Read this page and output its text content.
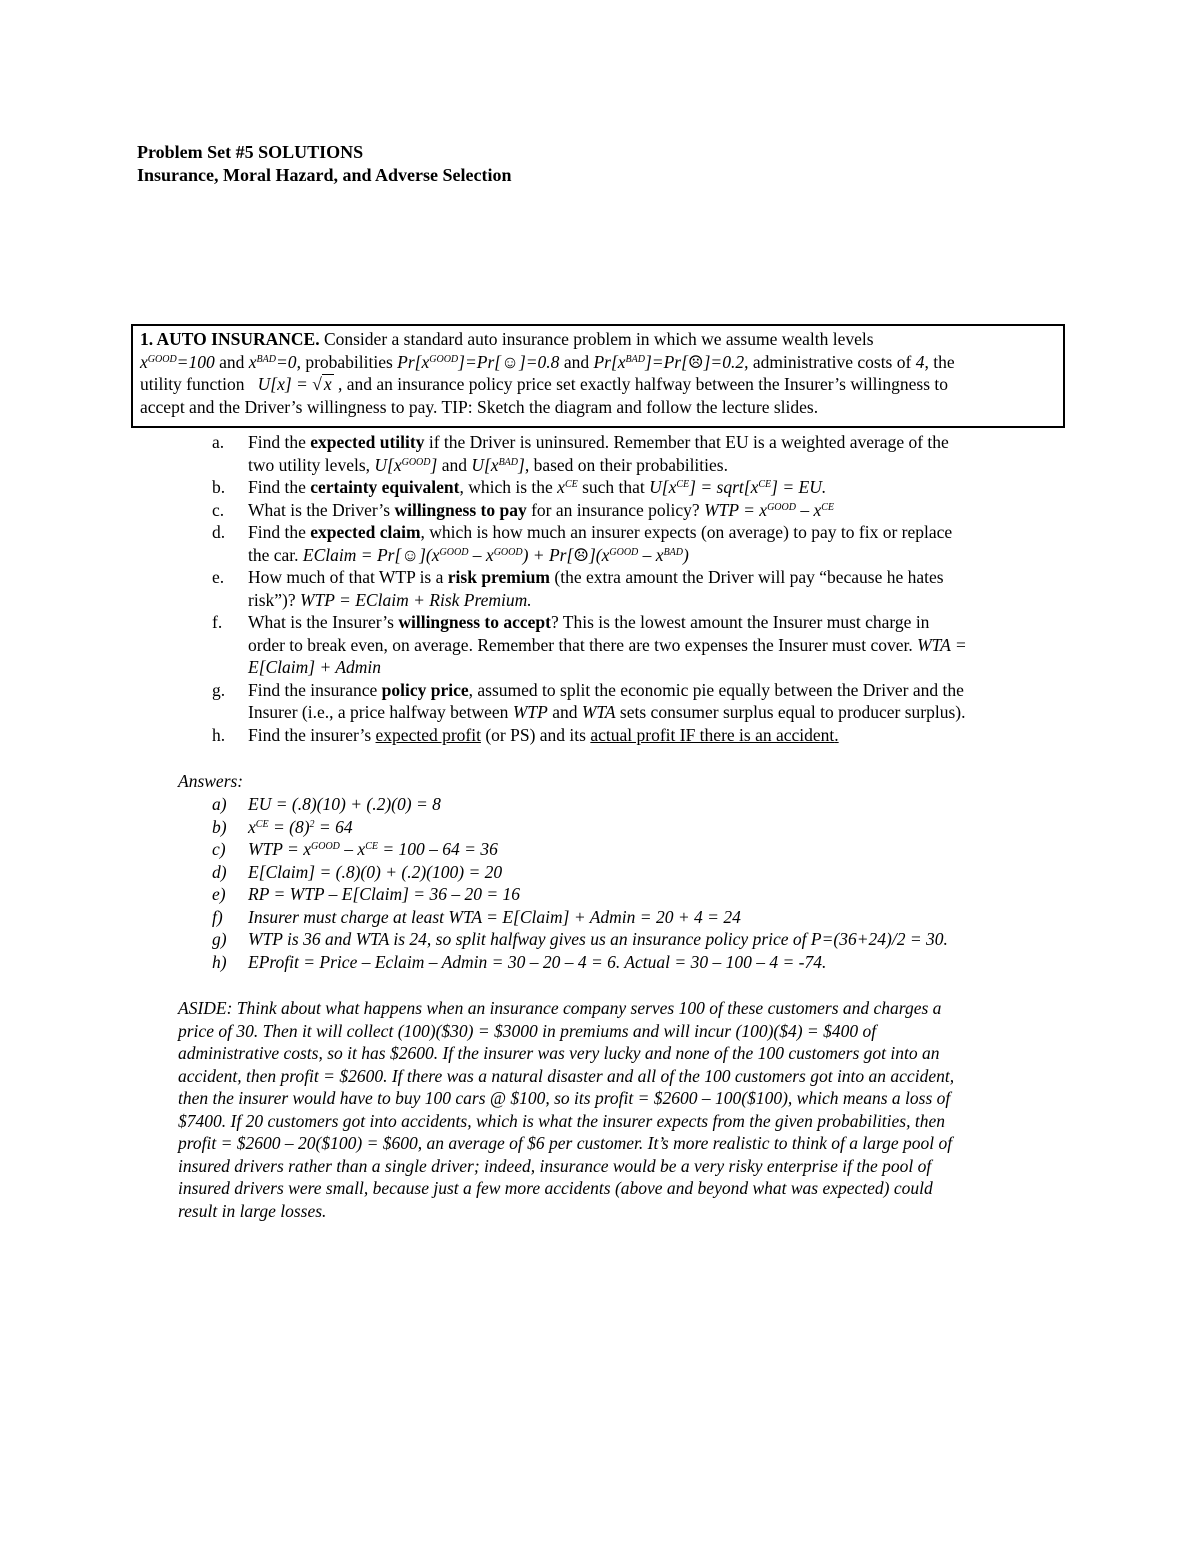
Problem Set #5 SOLUTIONS
Insurance, Moral Hazard, and Adverse Selection

1. AUTO INSURANCE. Consider a standard auto insurance problem in which we assume wealth levels

$x^{GOOD}=100$ and $x^{BAD}=0$, probabilities $Pr[x^{GOOD}]=Pr[☺]=0.8$ and $Pr[x^{BAD}]=Pr[☹]=0.2$, administrative costs of 4, the

utility function   U[x] = √ x , and an insurance policy price set exactly halfway between the Insurer’s willingness to

accept and the Driver’s willingness to pay. TIP: Sketch the diagram and follow the lecture slides.

a. Find the expected utility if the Driver is uninsured. Remember that EU is a weighted average of the
two utility levels, $U[x^{GOOD}]$ and $U[x^{BAD}]$, based on their probabilities.
b. Find the certainty equivalent, which is the $x^{CE}$ such that $U[x^{CE}]$ = $sqrt[x^{CE}]$ = EU.
c. What is the Driver’s willingness to pay for an insurance policy? WTP = $x^{GOOD} - x^{CE}$
d. Find the expected claim, which is how much an insurer expects (on average) to pay to fix or replace
the car. EClaim = $Pr[☺](x^{GOOD} - x^{GOOD})$ + $Pr[☹](x^{GOOD} - x^{BAD})$
e. How much of that WTP is a risk premium (the extra amount the Driver will pay “because he hates
risk”)? WTP = EClaim + Risk Premium.
f. What is the Insurer’s willingness to accept? This is the lowest amount the Insurer must charge in
order to break even, on average. Remember that there are two expenses the Insurer must cover. WTA =
E[Claim] + Admin
g. Find the insurance policy price, assumed to split the economic pie equally between the Driver and the
Insurer (i.e., a price halfway between WTP and WTA sets consumer surplus equal to producer surplus).
h. Find the insurer’s expected profit (or PS) and its actual profit IF there is an accident.
Answers:
a) EU = (.8)(10) + (.2)(0) = 8
b) $x^{CE} = (8)^2 = 64$
c) WTP = $x^{GOOD} - x^{CE} = 100 - 64 = 36$
d) E[Claim] = (.8)(0) + (.2)(100) = 20
e) RP = WTP – E[Claim] = 36 – 20 = 16
f) Insurer must charge at least WTA = E[Claim] + Admin = 20 + 4 = 24
g) WTP is 36 and WTA is 24, so split halfway gives us an insurance policy price of P=(36+24)/2 = 30.
h) EProfit = Price – Eclaim – Admin = 30 – 20 – 4 = 6. Actual = 30 – 100 – 4 = -74.
ASIDE: Think about what happens when an insurance company serves 100 of these customers and charges a
price of 30. Then it will collect (100)($30) = $3000 in premiums and will incur (100)($4) = $400 of
administrative costs, so it has $2600. If the insurer was very lucky and none of the 100 customers got into an
accident, then profit = $2600. If there was a natural disaster and all of the 100 customers got into an accident,
then the insurer would have to buy 100 cars @ $100, so its profit = $2600 – 100($100), which means a loss of
$7400. If 20 customers got into accidents, which is what the insurer expects from the given probabilities, then
profit = $2600 – 20($100) = $600, an average of $6 per customer. It’s more realistic to think of a large pool of
insured drivers rather than a single driver; indeed, insurance would be a very risky enterprise if the pool of
insured drivers were small, because just a few more accidents (above and beyond what was expected) could
result in large losses.
